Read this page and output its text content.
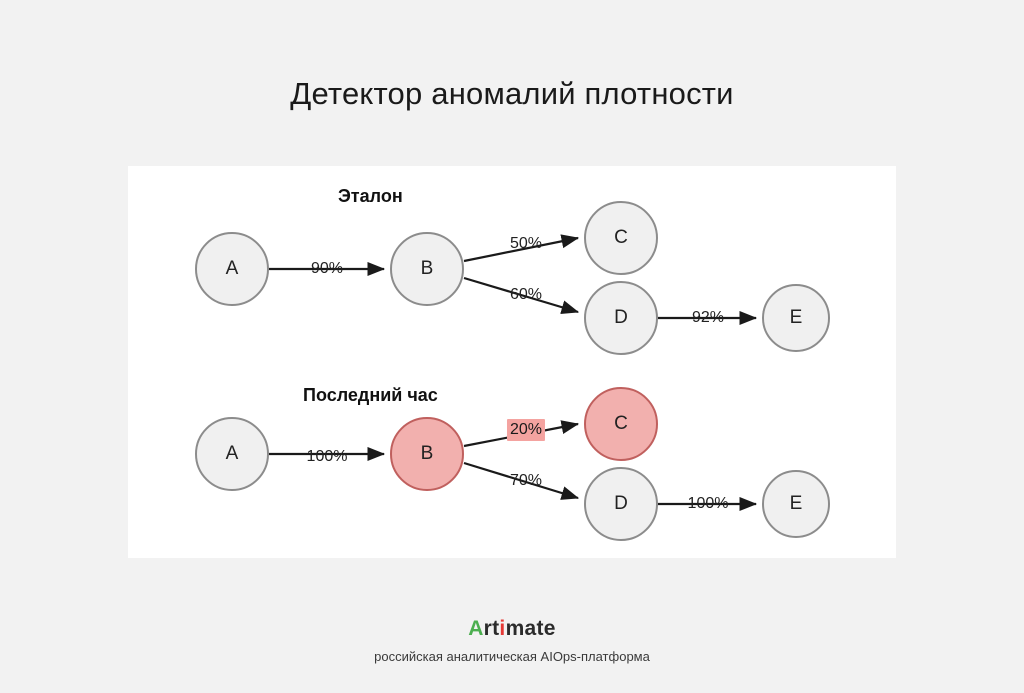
Детектор аномалий плотности
Эталон
Последний час
A	B
C
D	E
90%
50%
60%
92%
A	B
C
D	E
100%
20%
70%
100%
Artimate
российская аналитическая AIOps-платформа
